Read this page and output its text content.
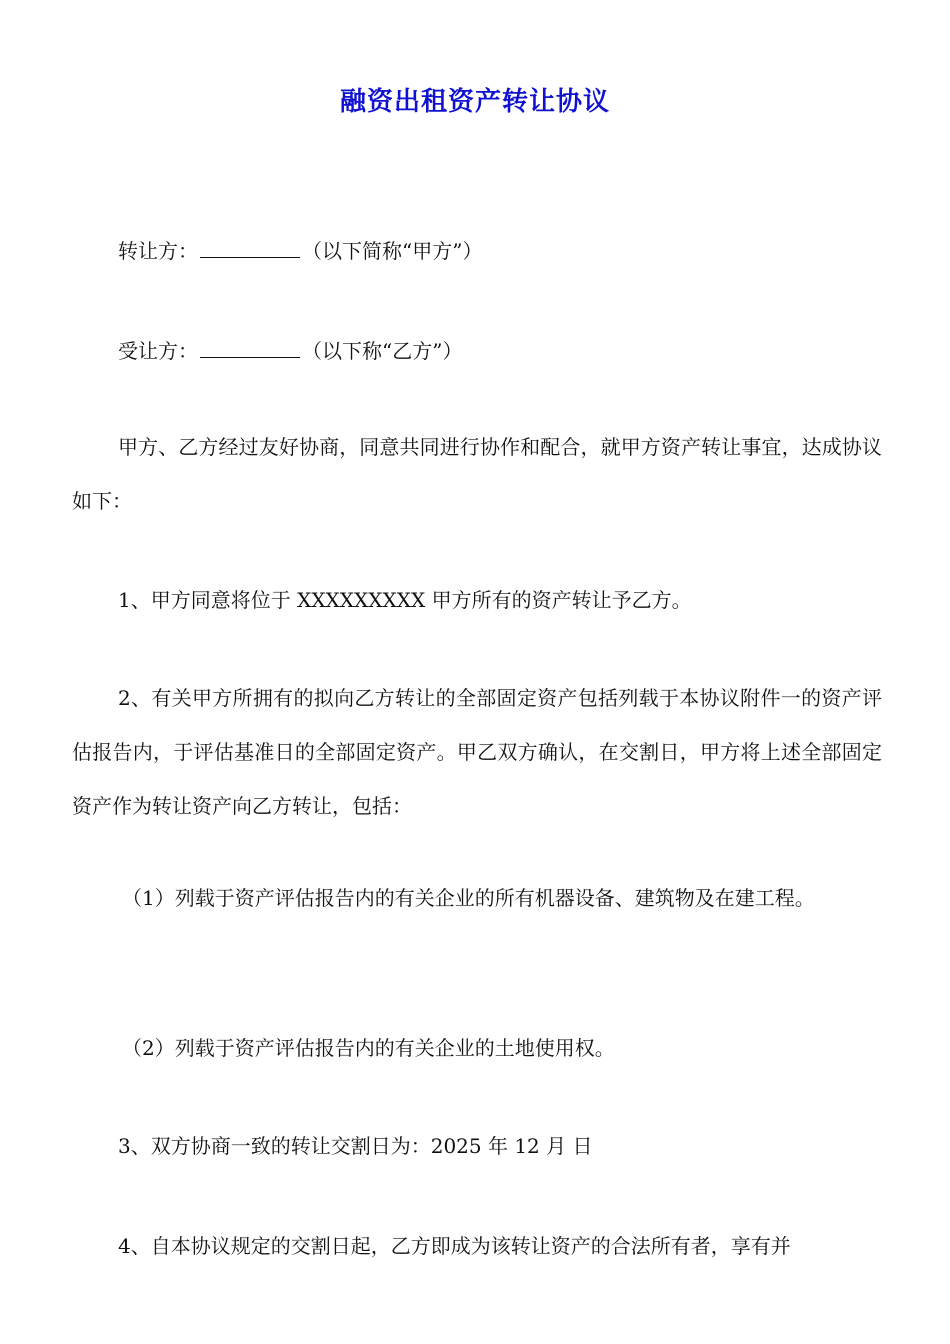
融资出租资产转让协议
转让方：	（以下简称“甲方”）
受让方：	（以下称“乙方”）
甲方、乙方经过友好协商，同意共同进行协作和配合，就甲方资产转让事宜，达成协议如下：
1、甲方同意将位于 XXXXXXXXX 甲方所有的资产转让予乙方。
2、有关甲方所拥有的拟向乙方转让的全部固定资产包括列载于本协议附件一的资产评估报告内，于评估基准日的全部固定资产。甲乙双方确认，在交割日，甲方将上述全部固定资产作为转让资产向乙方转让，包括：
（1）列载于资产评估报告内的有关企业的所有机器设备、建筑物及在建工程。
（2）列载于资产评估报告内的有关企业的土地使用权。
3、双方协商一致的转让交割日为：2025 年 12 月 日
4、自本协议规定的交割日起，乙方即成为该转让资产的合法所有者，享有并
